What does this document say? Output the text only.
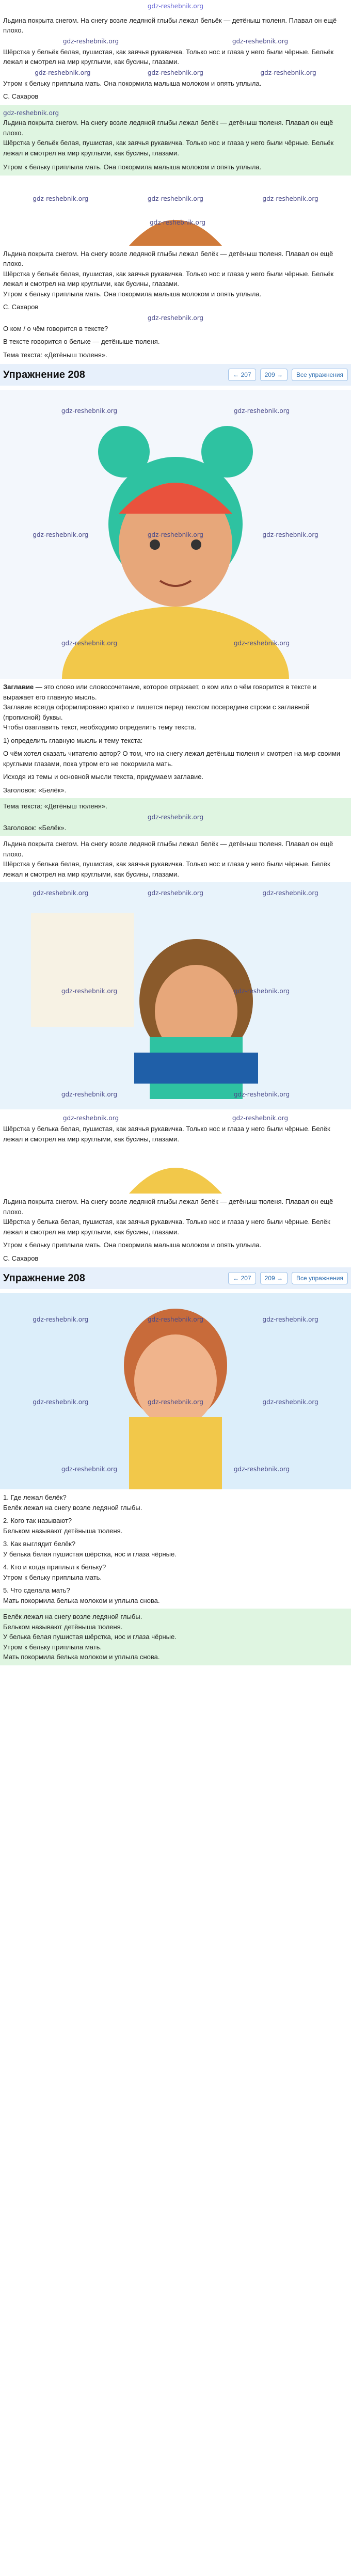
gdz-reshebnik.org

Льдина покрыта снегом. На снегу возле ледяной глыбы лежал бельёк — детёныш тюленя. Плавал он ещё плохо.

gdz-reshebnik.org	gdz-reshebnik.org

Шёрстка у бельёк белая, пушистая, как заячья рукавичка. Только нос и глаза у него были чёрные. Бельёк лежал и смотрел на мир круглыми, как бусины, глазами.

gdz-reshebnik.org	gdz-reshebnik.org	gdz-reshebnik.org

Утром к бельку приплыла мать. Она покормила малыша молоком и опять уплыла.

С. Сахаров

gdz-reshebnik.org

Льдина покрыта снегом. На снегу возле ледяной глыбы лежал белёк — детёныш тюленя. Плавал он ещё плохо.

Шёрстка у бельёк белая, пушистая, как заячья рукавичка. Только нос и глаза у него были чёрные. Бельёк лежал и смотрел на мир круглыми, как бусины, глазами.

Утром к бельку приплыла мать. Она покормила малыша молоком и опять уплыла.

gdz-reshebnik.org	gdz-reshebnik.org	gdz-reshebnik.org
gdz-reshebnik.org

Льдина покрыта снегом. На снегу возле ледяной глыбы лежал белёк — детёныш тюленя. Плавал он ещё плохо.

Шёрстка у бельёк белая, пушистая, как заячья рукавичка. Только нос и глаза у него были чёрные. Бельёк лежал и смотрел на мир круглыми, как бусины, глазами.

Утром к бельку приплыла мать. Она покормила малыша молоком и опять уплыла.

С. Сахаров

gdz-reshebnik.org

О ком / о чём говорится в тексте?

В тексте говорится о бельке — детёныше тюленя.

Тема текста: «Детёныш тюленя».

Упражнение 208	← 207	209 →	Все упражнения
gdz-reshebnik.org	gdz-reshebnik.org
gdz-reshebnik.org	gdz-reshebnik.org	gdz-reshebnik.org
gdz-reshebnik.org	gdz-reshebnik.org

Заглавие — это слово или словосочетание, которое отражает, о ком или о чём говорится в тексте и выражает его главную мысль.

Заглавие всегда оформлировано кратко и пишется перед текстом посередине строки с заглавной (прописной) буквы.

Чтобы озаглавить текст, необходимо определить тему текста.

1) определить главную мысль и тему текста:

О чём хотел сказать читателю автор? О том, что на снегу лежал детёныш тюленя и смотрел на мир своими круглыми глазами, пока утром его не покормила мать.

Исходя из темы и основной мысли текста, придумаем заглавие.

Заголовок: «Белёк».

Тема текста: «Детёныш тюленя».

gdz-reshebnik.org

Заголовок: «Белёк».

Льдина покрыта снегом. На снегу возле ледяной глыбы лежал белёк — детёныш тюленя. Плавал он ещё плохо.

Шёрстка у белька белая, пушистая, как заячья рукавичка. Только нос и глаза у него были чёрные. Белёк лежал и смотрел на мир круглыми, как бусины, глазами.

gdz-reshebnik.org	gdz-reshebnik.org	gdz-reshebnik.org
gdz-reshebnik.org	gdz-reshebnik.org
gdz-reshebnik.org	gdz-reshebnik.org
gdz-reshebnik.org	gdz-reshebnik.org

Шёрстка у белька белая, пушистая, как заячья рукавичка. Только нос и глаза у него были чёрные. Белёк лежал и смотрел на мир круглыми, как бусины, глазами.

Льдина покрыта снегом. На снегу возле ледяной глыбы лежал белёк — детёныш тюленя. Плавал он ещё плохо.

Шёрстка у белька белая, пушистая, как заячья рукавичка. Только нос и глаза у него были чёрные. Белёк лежал и смотрел на мир круглыми, как бусины, глазами.

Утром к бельку приплыла мать. Она покормила малыша молоком и опять уплыла.

С. Сахаров

Упражнение 208	← 207	209 →	Все упражнения
gdz-reshebnik.org	gdz-reshebnik.org	gdz-reshebnik.org
gdz-reshebnik.org	gdz-reshebnik.org	gdz-reshebnik.org
gdz-reshebnik.org	gdz-reshebnik.org

1. Где лежал белёк?

Белёк лежал на снегу возле ледяной глыбы.

2. Кого так называют?

Бельком называют детёныша тюленя.

3. Как выглядит белёк?

У белька белая пушистая шёрстка, нос и глаза чёрные.

4. Кто и когда приплыл к бельку?

Утром к бельку приплыла мать.

5. Что сделала мать?

Мать покормила белька молоком и уплыла снова.

Белёк лежал на снегу возле ледяной глыбы.

Бельком называют детёныша тюленя.

У белька белая пушистая шёрстка, нос и глаза чёрные.

Утром к бельку приплыла мать.

Мать покормила белька молоком и уплыла снова.
